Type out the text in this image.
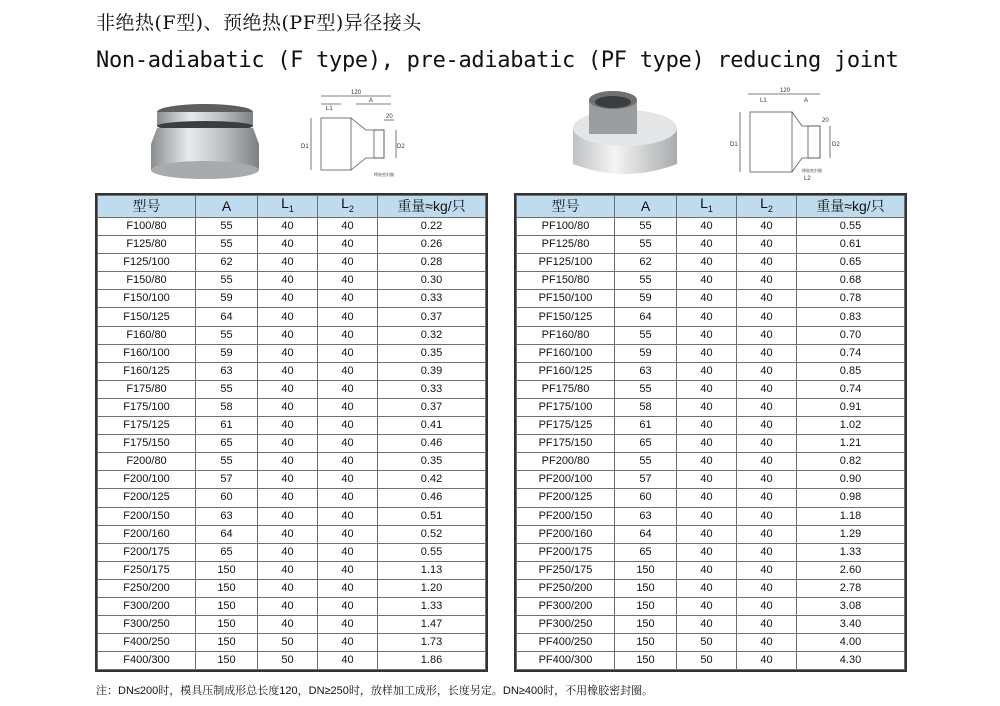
非绝热(F型)、预绝热(PF型)异径接头
Non-adiabatic (F type), pre-adiabatic (PF type) reducing joint
120
A
L1
20
D1	D2
橡胶密封圈
120
A
L1
20
D1	D2
L2
橡胶密封圈
型号	A	$L_1$	$L_2$	重量≈kg/只
F100/80	55	40	40	0.22
F125/80	55	40	40	0.26
F125/100	62	40	40	0.28
F150/80	55	40	40	0.30
F150/100	59	40	40	0.33
F150/125	64	40	40	0.37
F160/80	55	40	40	0.32
F160/100	59	40	40	0.35
F160/125	63	40	40	0.39
F175/80	55	40	40	0.33
F175/100	58	40	40	0.37
F175/125	61	40	40	0.41
F175/150	65	40	40	0.46
F200/80	55	40	40	0.35
F200/100	57	40	40	0.42
F200/125	60	40	40	0.46
F200/150	63	40	40	0.51
F200/160	64	40	40	0.52
F200/175	65	40	40	0.55
F250/175	150	40	40	1.13
F250/200	150	40	40	1.20
F300/200	150	40	40	1.33
F300/250	150	40	40	1.47
F400/250	150	50	40	1.73
F400/300	150	50	40	1.86
型号	A	$L_1$	$L_2$	重量≈kg/只
PF100/80	55	40	40	0.55
PF125/80	55	40	40	0.61
PF125/100	62	40	40	0.65
PF150/80	55	40	40	0.68
PF150/100	59	40	40	0.78
PF150/125	64	40	40	0.83
PF160/80	55	40	40	0.70
PF160/100	59	40	40	0.74
PF160/125	63	40	40	0.85
PF175/80	55	40	40	0.74
PF175/100	58	40	40	0.91
PF175/125	61	40	40	1.02
PF175/150	65	40	40	1.21
PF200/80	55	40	40	0.82
PF200/100	57	40	40	0.90
PF200/125	60	40	40	0.98
PF200/150	63	40	40	1.18
PF200/160	64	40	40	1.29
PF200/175	65	40	40	1.33
PF250/175	150	40	40	2.60
PF250/200	150	40	40	2.78
PF300/200	150	40	40	3.08
PF300/250	150	40	40	3.40
PF400/250	150	50	40	4.00
PF400/300	150	50	40	4.30
注：DN≤200时，模具压制成形总长度120，DN≥250时，放样加工成形，长度另定。DN≥400时，不用橡胶密封圈。
